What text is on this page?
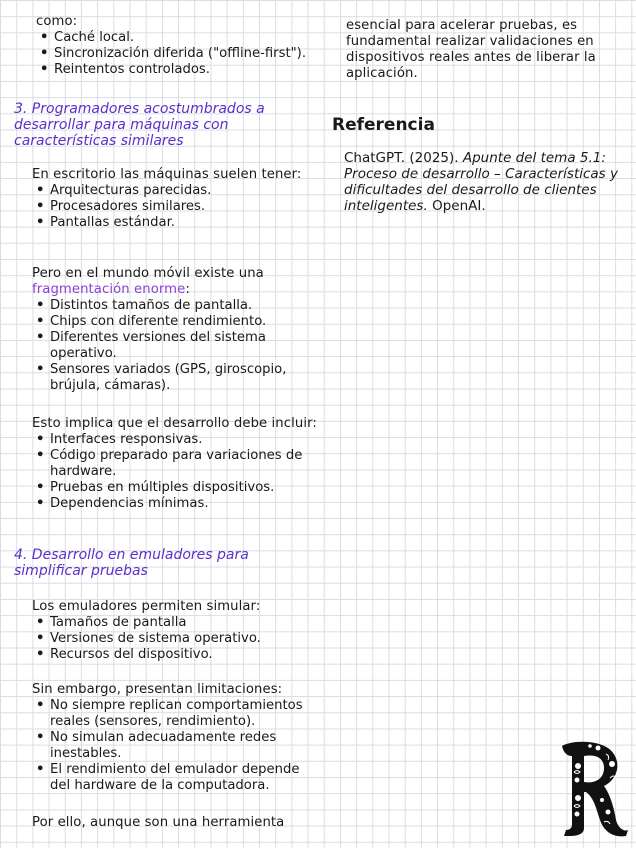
como:
• Caché local.
• Sincronización diferida ("offline-first").
• Reintentos controlados.
3. Programadores acostumbrados a desarrollar para máquinas con características similares
En escritorio las máquinas suelen tener:
• Arquitecturas parecidas.
• Procesadores similares.
• Pantallas estándar.
Pero en el mundo móvil existe una fragmentación enorme:
• Distintos tamaños de pantalla.
• Chips con diferente rendimiento.
• Diferentes versiones del sistema operativo.
• Sensores variados (GPS, giroscopio, brújula, cámaras).
Esto implica que el desarrollo debe incluir:
• Interfaces responsivas.
• Código preparado para variaciones de hardware.
• Pruebas en múltiples dispositivos.
• Dependencias mínimas.
4. Desarrollo en emuladores para simplificar pruebas
Los emuladores permiten simular:
• Tamaños de pantalla
• Versiones de sistema operativo.
• Recursos del dispositivo.
Sin embargo, presentan limitaciones:
• No siempre replican comportamientos reales (sensores, rendimiento).
• No simulan adecuadamente redes inestables.
• El rendimiento del emulador depende del hardware de la computadora.
Por ello, aunque son una herramienta
esencial para acelerar pruebas, es fundamental realizar validaciones en dispositivos reales antes de liberar la aplicación.
Referencia
ChatGPT. (2025). Apunte del tema 5.1: Proceso de desarrollo – Características y dificultades del desarrollo de clientes inteligentes. OpenAI.
